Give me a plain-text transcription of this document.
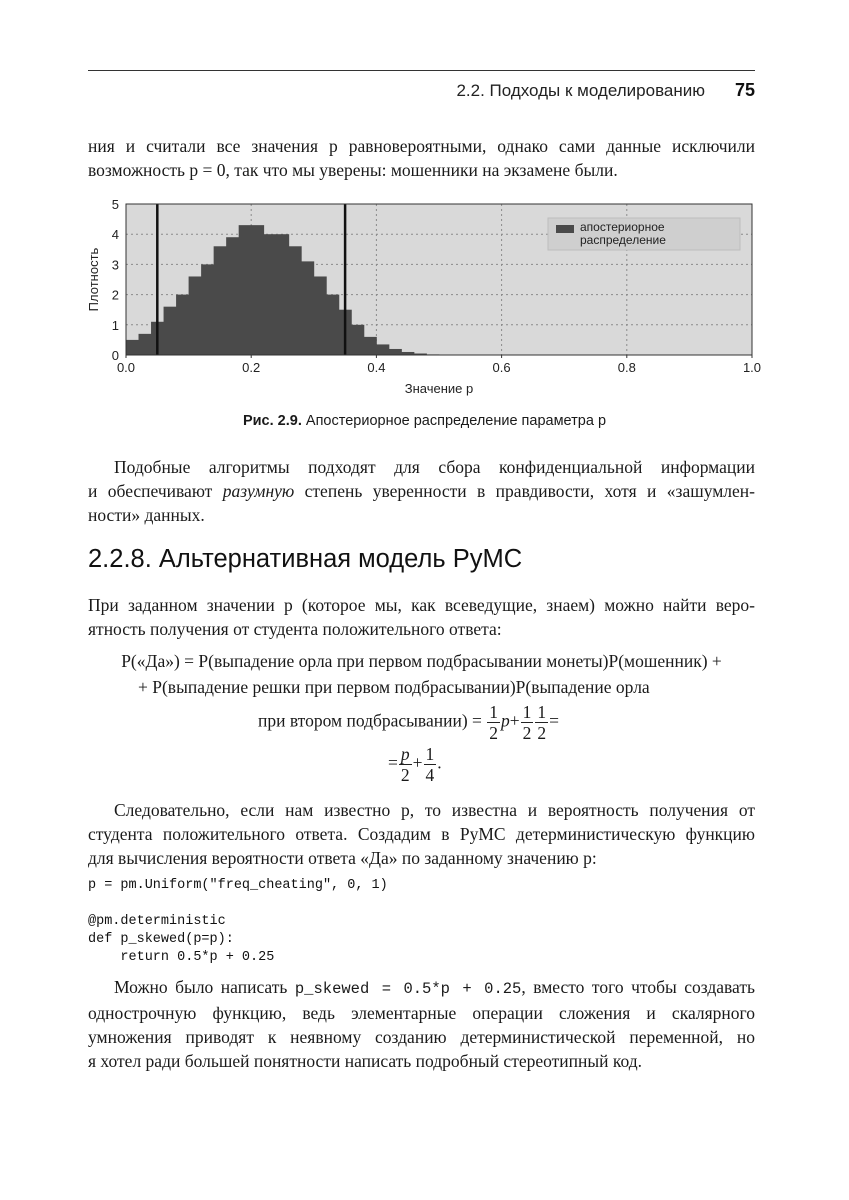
2.2. Подходы к моделированию 75

ния и считали все значения p равновероятными, однако сами данные исключили
возможность p = 0, так что мы уверены: мошенники на экзамене были.

0.0	0.2	0.4	0.6	0.8	1.0
0
1
2
3
4
5
Значение p
Плотность
апостериорное
распределение
Рис. 2.9. Апостериорное распределение параметра p

Подобные алгоритмы подходят для сбора конфиденциальной информации
и обеспечивают разумную степень уверенности в правдивости, хотя и «зашумлен-
ности» данных.

2.2.8. Альтернативная модель PyMC

При заданном значении p (которое мы, как всеведущие, знаем) можно найти веро-
ятность получения от студента положительного ответа:

P(«Да») = P(выпадение орла при первом подбрасывании монеты)P(мошенник) +
+ P(выпадение решки при первом подбрасывании)P(выпадение орла
при втором подбрасывании) = $\frac{1}{2} p+ \frac{1}{2} \frac{1}{2}$ =
= $\frac{p}{2} + \frac{1}{4}$ .

Следовательно, если нам известно p, то известна и вероятность получения от
студента положительного ответа. Создадим в PyMC детерминистическую функцию
для вычисления вероятности ответа «Да» по заданному значению p:

p = pm.Uniform("freq_cheating", 0, 1)

@pm.deterministic
def p_skewed(p=p):
return 0.5*p + 0.25

Можно было написать p_skewed = 0.5*p + 0.25, вместо того чтобы создавать
однострочную функцию, ведь элементарные операции сложения и скалярного
умножения приводят к неявному созданию детерминистической переменной, но
я хотел ради большей понятности написать подробный стереотипный код.
